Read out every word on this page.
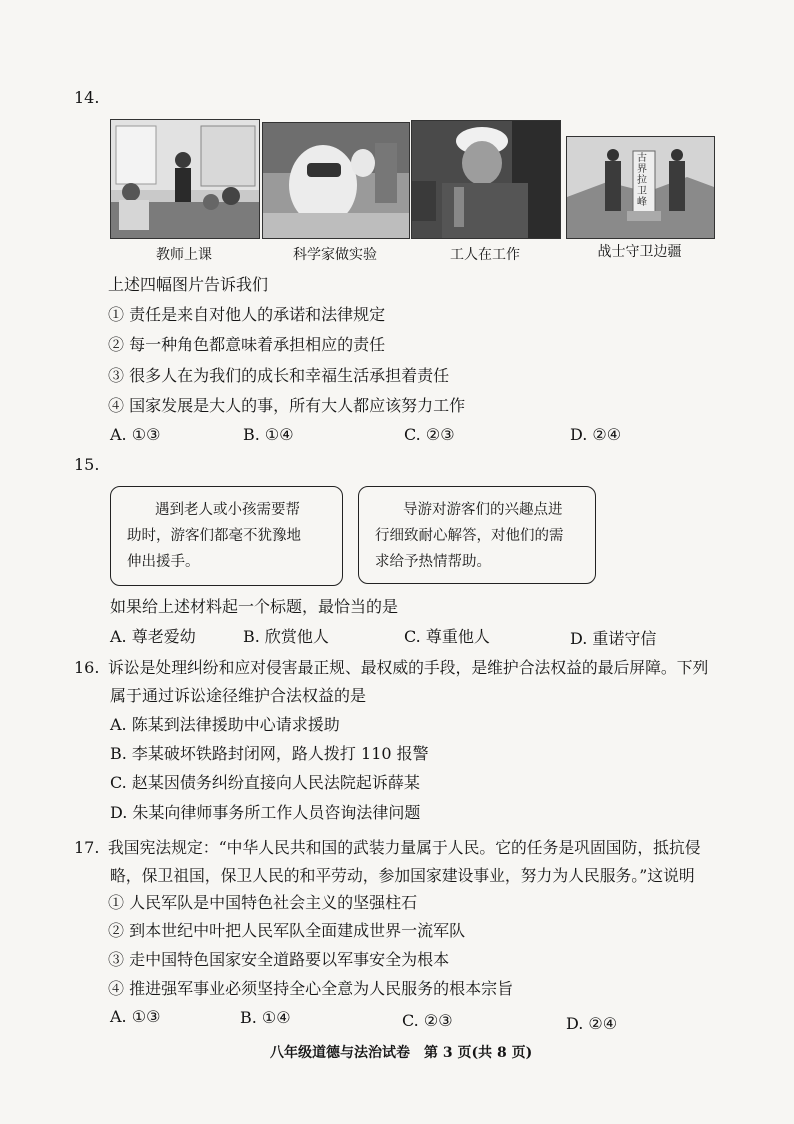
14.
教师上课	科学家做实验	工人在工作
古界拉卫峰
战士守卫边疆
上述四幅图片告诉我们
① 责任是来自对他人的承诺和法律规定
② 每一种角色都意味着承担相应的责任
③ 很多人在为我们的成长和幸福生活承担着责任
④ 国家发展是大人的事，所有大人都应该努力工作
A. ①③	B. ①④	C. ②③	D. ②④
15.
遇到老人或小孩需要帮
助时，游客们都毫不犹豫地
伸出援手。
导游对游客们的兴趣点进
行细致耐心解答，对他们的需
求给予热情帮助。
如果给上述材料起一个标题，最恰当的是
A. 尊老爱幼	B. 欣赏他人	C. 尊重他人	D. 重诺守信
16. 诉讼是处理纠纷和应对侵害最正规、最权威的手段，是维护合法权益的最后屏障。下列
属于通过诉讼途径维护合法权益的是
A. 陈某到法律援助中心请求援助
B. 李某破坏铁路封闭网，路人拨打 110 报警
C. 赵某因债务纠纷直接向人民法院起诉薛某
D. 朱某向律师事务所工作人员咨询法律问题
17. 我国宪法规定：“中华人民共和国的武装力量属于人民。它的任务是巩固国防，抵抗侵
略，保卫祖国，保卫人民的和平劳动，参加国家建设事业，努力为人民服务。”这说明
① 人民军队是中国特色社会主义的坚强柱石
② 到本世纪中叶把人民军队全面建成世界一流军队
③ 走中国特色国家安全道路要以军事安全为根本
④ 推进强军事业必须坚持全心全意为人民服务的根本宗旨
A. ①③	B. ①④	C. ②③	D. ②④
八年级道德与法治试卷　第 3 页(共 8 页)
